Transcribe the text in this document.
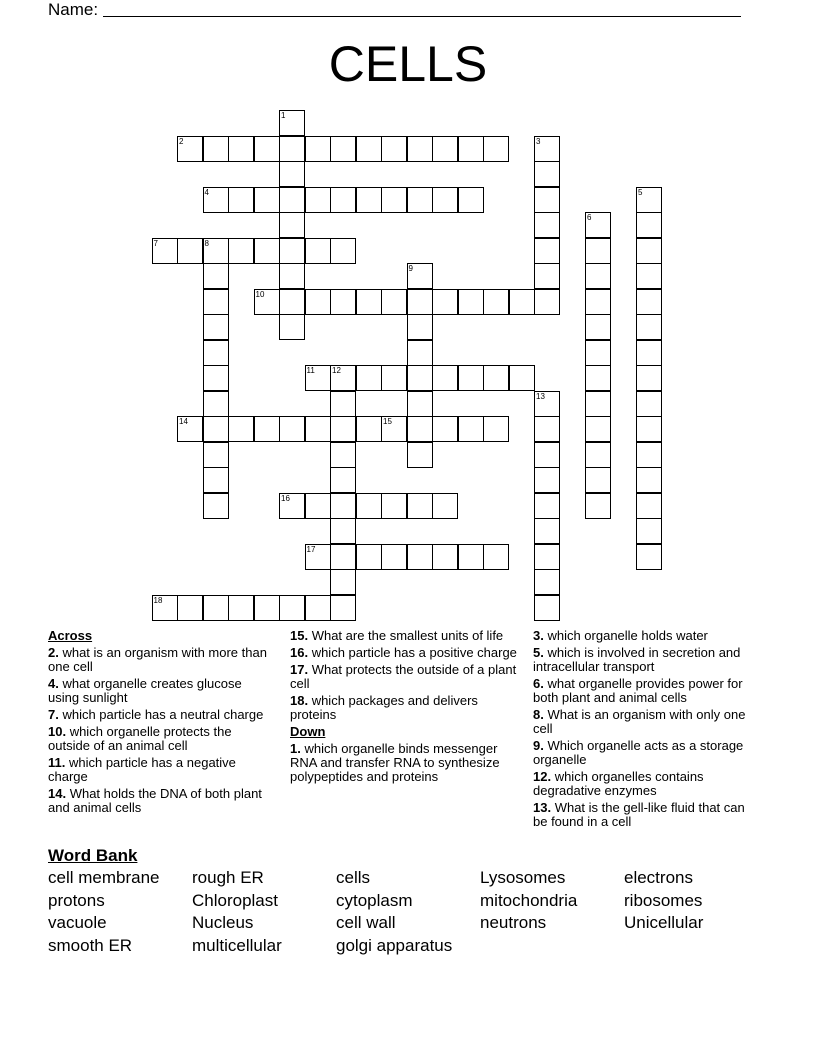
Name:
CELLS
2
4
7	8
10
11 12
14	15
16
17
18
1
3
5
6
9
13
Across
2. what is an organism with more than one cell
4. what organelle creates glucose using sunlight
7. which particle has a neutral charge
10. which organelle protects the outside of an animal cell
11. which particle has a negative charge
14. What holds the DNA of both plant and animal cells
15. What are the smallest units of life
16. which particle has a positive charge
17. What protects the outside of a plant cell
18. which packages and delivers proteins
Down
1. which organelle binds messenger RNA and transfer RNA to synthesize polypeptides and proteins
3. which organelle holds water
5. which is involved in secretion and intracellular transport
6. what organelle provides power for both plant and animal cells
8. What is an organism with only one cell
9. Which organelle acts as a storage organelle
12. which organelles contains degradative enzymes
13. What is the gell-like fluid that can be found in a cell
Word Bank
cell membrane	rough ER	cells	Lysosomes	electrons
protons	Chloroplast	cytoplasm	mitochondria	ribosomes
vacuole	Nucleus	cell wall	neutrons	Unicellular
smooth ER	multicellular	golgi apparatus
